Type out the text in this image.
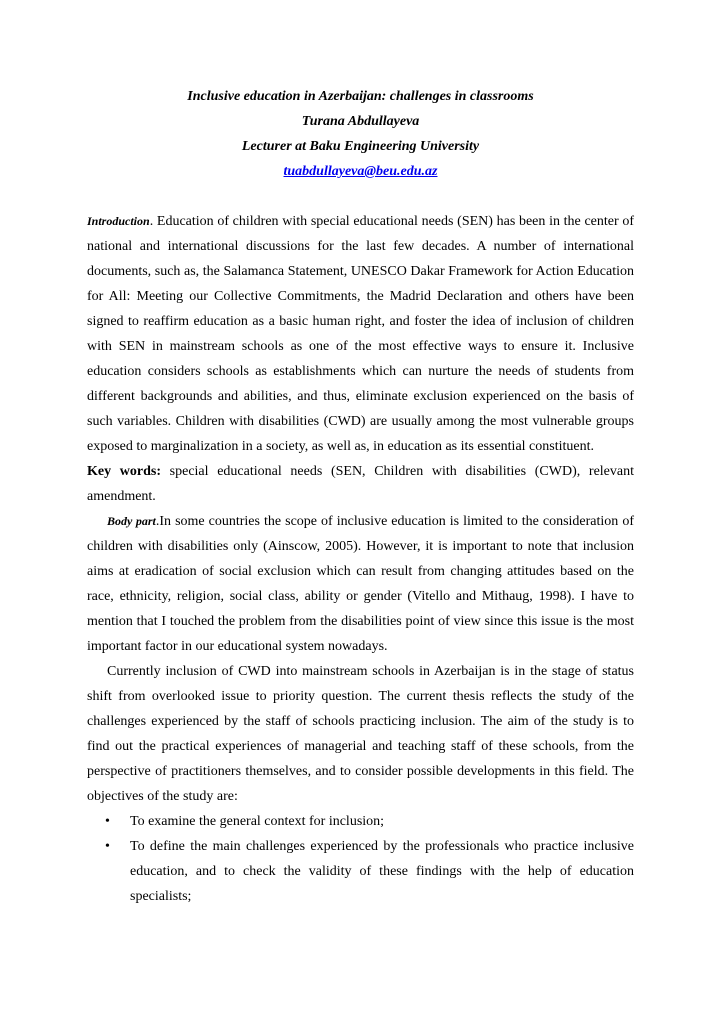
Inclusive education in Azerbaijan: challenges in classrooms

Turana Abdullayeva

Lecturer at Baku Engineering University

tuabdullayeva@beu.edu.az

Introduction. Education of children with special educational needs (SEN) has been in the center of national and international discussions for the last few decades. A number of international documents, such as, the Salamanca Statement, UNESCO Dakar Framework for Action Education for All: Meeting our Collective Commitments, the Madrid Declaration and others have been signed to reaffirm education as a basic human right, and foster the idea of inclusion of children with SEN in mainstream schools as one of the most effective ways to ensure it. Inclusive education considers schools as establishments which can nurture the needs of students from different backgrounds and abilities, and thus, eliminate exclusion experienced on the basis of such variables. Children with disabilities (CWD) are usually among the most vulnerable groups exposed to marginalization in a society, as well as, in education as its essential constituent.

Key words: special educational needs (SEN, Children with disabilities (CWD), relevant amendment.

Body part.In some countries the scope of inclusive education is limited to the consideration of children with disabilities only (Ainscow, 2005). However, it is important to note that inclusion aims at eradication of social exclusion which can result from changing attitudes based on the race, ethnicity, religion, social class, ability or gender (Vitello and Mithaug, 1998). I have to mention that I touched the problem from the disabilities point of view since this issue is the most important factor in our educational system nowadays.

Currently inclusion of CWD into mainstream schools in Azerbaijan is in the stage of status shift from overlooked issue to priority question. The current thesis reflects the study of the challenges experienced by the staff of schools practicing inclusion. The aim of the study is to find out the practical experiences of managerial and teaching staff of these schools, from the perspective of practitioners themselves, and to consider possible developments in this field. The objectives of the study are:

• To examine the general context for inclusion;
• To define the main challenges experienced by the professionals who practice inclusive education, and to check the validity of these findings with the help of education specialists;
